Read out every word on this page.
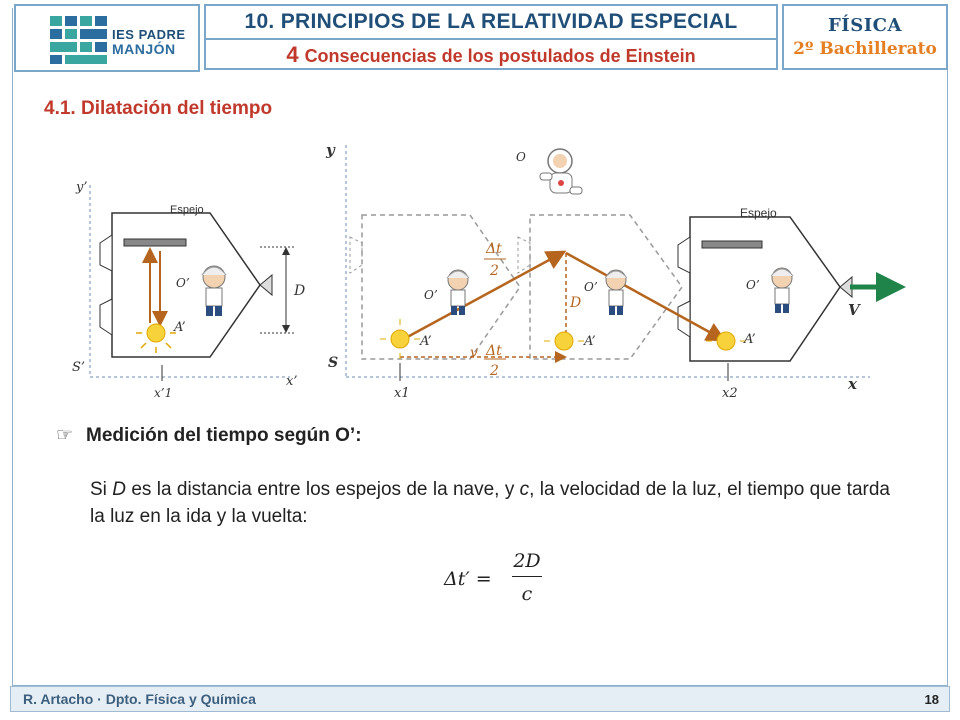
IES PADRE
MANJÓN
10. PRINCIPIOS DE LA RELATIVIDAD ESPECIAL
4 Consecuencias de los postulados de Einstein
FÍSICA
2º Bachillerato
4.1. Dilatación del tiempo
y’
x’
S’
x’1
Espejo
A’
D
O’
y
x
S
x1	x2
Espejo
D
Δt
2
v Δt
2
A’	A’	A’
O’
O’	O’
O
V
☞ Medición del tiempo según O’:
Si D es la distancia entre los espejos de la nave, y c, la velocidad de la luz, el tiempo que tarda la luz en la ida y la vuelta:
$\Delta t' = \frac{2D}{c}$
R. Artacho · Dpto. Física y Química	18
